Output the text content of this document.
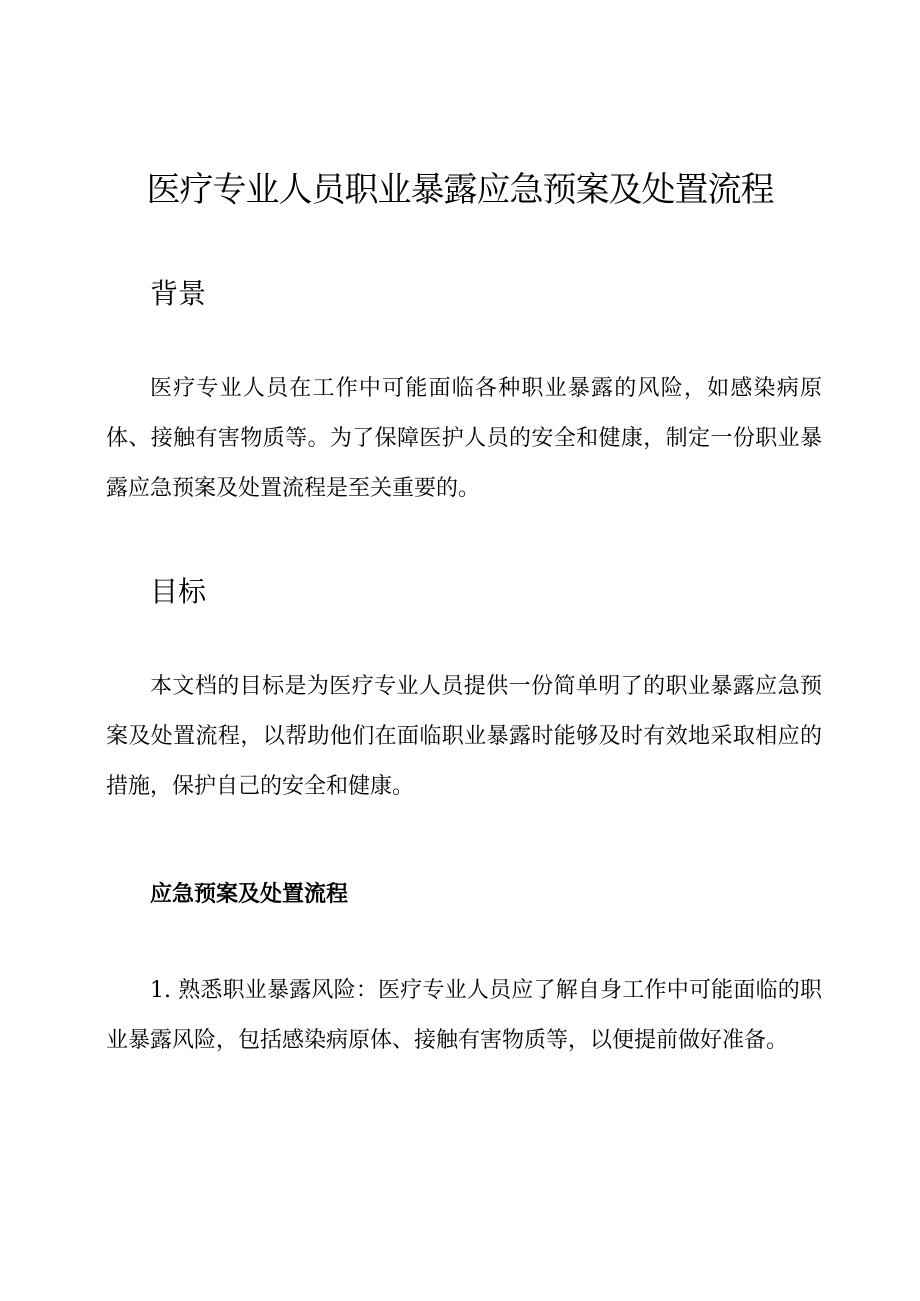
医疗专业人员职业暴露应急预案及处置流程
背景

医疗专业人员在工作中可能面临各种职业暴露的风险，如感染病原体、接触有害物质等。为了保障医护人员的安全和健康，制定一份职业暴露应急预案及处置流程是至关重要的。

目标

本文档的目标是为医疗专业人员提供一份简单明了的职业暴露应急预案及处置流程，以帮助他们在面临职业暴露时能够及时有效地采取相应的措施，保护自己的安全和健康。

应急预案及处置流程

1. 熟悉职业暴露风险：医疗专业人员应了解自身工作中可能面临的职业暴露风险，包括感染病原体、接触有害物质等，以便提前做好准备。
